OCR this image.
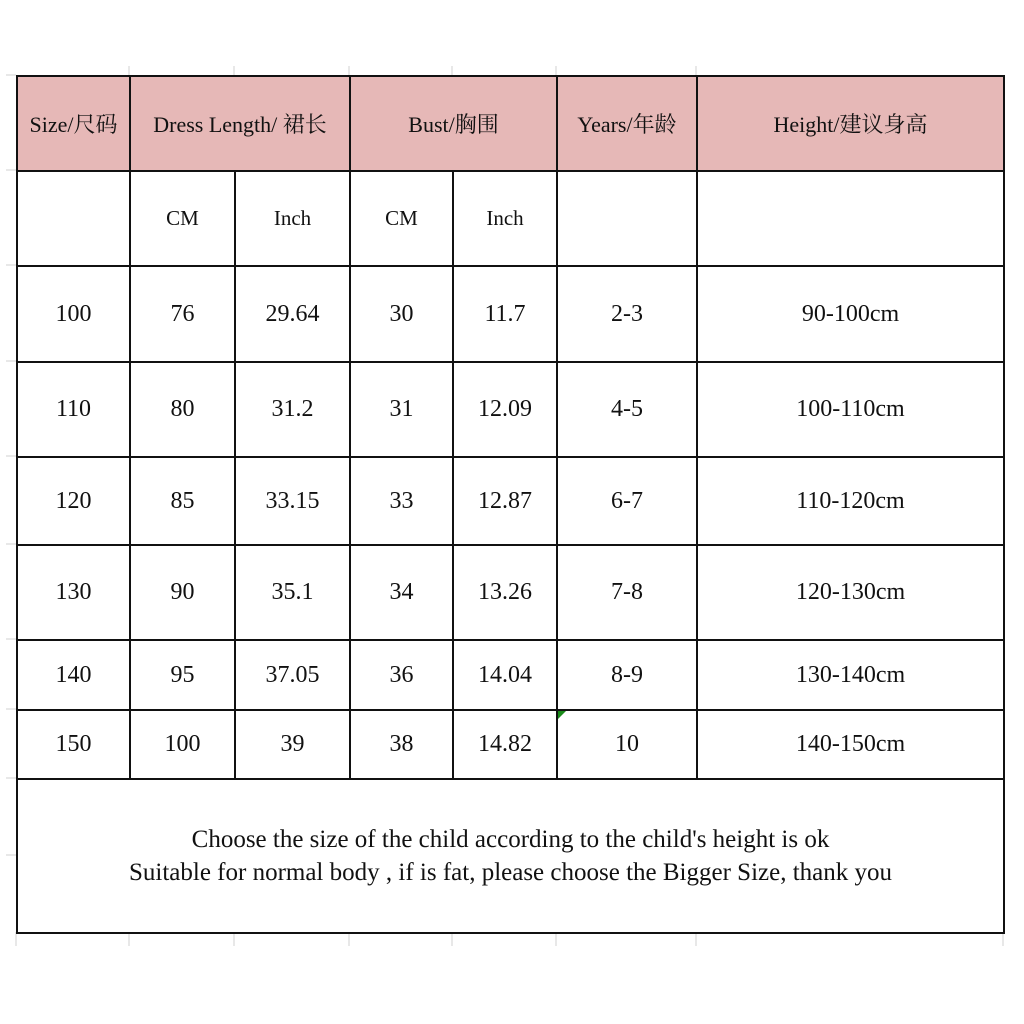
Size/尺码	Dress Length/ 裙长		Bust/胸围		Years/年龄	Height/建议身高
	CM	Inch	CM	Inch		
100	76	29.64	30	11.7	2-3	90-100cm
110	80	31.2	31	12.09	4-5	100-110cm
120	85	33.15	33	12.87	6-7	110-120cm
130	90	35.1	34	13.26	7-8	120-130cm
140	95	37.05	36	14.04	8-9	130-140cm
150	100	39	38	14.82	10	140-150cm

Choose the size of the child according to the child's height is ok
Suitable for normal body , if is fat, please choose the Bigger Size, thank you						
